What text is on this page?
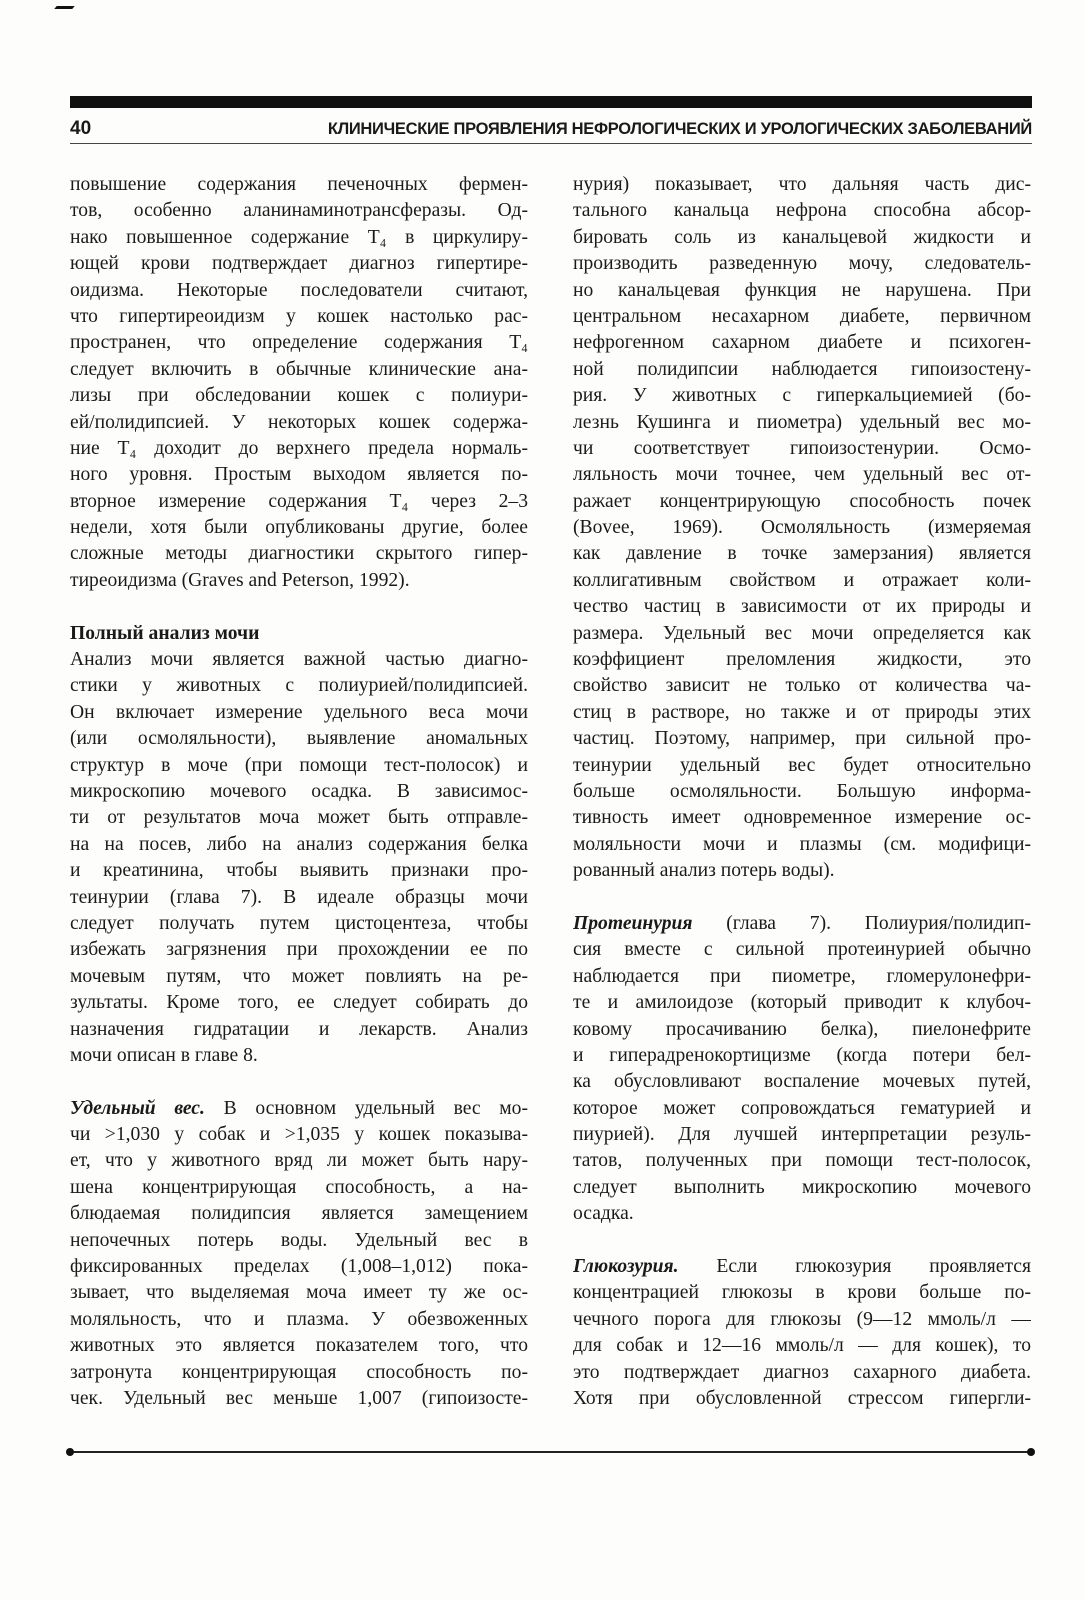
40	КЛИНИЧЕСКИЕ ПРОЯВЛЕНИЯ НЕФРОЛОГИЧЕСКИХ И УРОЛОГИЧЕСКИХ ЗАБОЛЕВАНИЙ
повышение содержания печеночных фермен-
тов, особенно аланинаминотрансферазы. Од-
нако повышенное содержание T₄ в циркулиру-
ющей крови подтверждает диагноз гипертире-
оидизма. Некоторые последователи считают,
что гипертиреоидизм у кошек настолько рас-
пространен, что определение содержания T₄
следует включить в обычные клинические ана-
лизы при обследовании кошек с полиури-
ей/полидипсией. У некоторых кошек содержа-
ние T₄ доходит до верхнего предела нормаль-
ного уровня. Простым выходом является по-
вторное измерение содержания T₄ через 2–3
недели, хотя были опубликованы другие, более
сложные методы диагностики скрытого гипер-
тиреоидизма (Graves and Peterson, 1992).
Полный анализ мочи
Анализ мочи является важной частью диагно-
стики у животных с полиурией/полидипсией.
Он включает измерение удельного веса мочи
(или осмоляльности), выявление аномальных
структур в моче (при помощи тест-полосок) и
микроскопию мочевого осадка. В зависимос-
ти от результатов моча может быть отправле-
на на посев, либо на анализ содержания белка
и креатинина, чтобы выявить признаки про-
теинурии (глава 7). В идеале образцы мочи
следует получать путем цистоцентеза, чтобы
избежать загрязнения при прохождении ее по
мочевым путям, что может повлиять на ре-
зультаты. Кроме того, ее следует собирать до
назначения гидратации и лекарств. Анализ
мочи описан в главе 8.
Удельный вес. В основном удельный вес мо-
чи >1,030 у собак и >1,035 у кошек показыва-
ет, что у животного вряд ли может быть нару-
шена концентрирующая способность, а на-
блюдаемая полидипсия является замещением
непочечных потерь воды. Удельный вес в
фиксированных пределах (1,008–1,012) пока-
зывает, что выделяемая моча имеет ту же ос-
моляльность, что и плазма. У обезвоженных
животных это является показателем того, что
затронута концентрирующая способность по-
чек. Удельный вес меньше 1,007 (гипоизосте-
нурия) показывает, что дальняя часть дис-
тального канальца нефрона способна абсор-
бировать соль из канальцевой жидкости и
производить разведенную мочу, следователь-
но канальцевая функция не нарушена. При
центральном несахарном диабете, первичном
нефрогенном сахарном диабете и психоген-
ной полидипсии наблюдается гипоизостену-
рия. У животных с гиперкальциемией (бо-
лезнь Кушинга и пиометра) удельный вес мо-
чи соответствует гипоизостенурии. Осмо-
ляльность мочи точнее, чем удельный вес от-
ражает концентрирующую способность почек
(Bovee, 1969). Осмоляльность (измеряемая
как давление в точке замерзания) является
коллигативным свойством и отражает коли-
чество частиц в зависимости от их природы и
размера. Удельный вес мочи определяется как
коэффициент преломления жидкости, это
свойство зависит не только от количества ча-
стиц в растворе, но также и от природы этих
частиц. Поэтому, например, при сильной про-
теинурии удельный вес будет относительно
больше осмоляльности. Большую информа-
тивность имеет одновременное измерение ос-
моляльности мочи и плазмы (см. модифици-
рованный анализ потерь воды).
Протеинурия (глава 7). Полиурия/полидип-
сия вместе с сильной протеинурией обычно
наблюдается при пиометре, гломерулонефри-
те и амилоидозе (который приводит к клубоч-
ковому просачиванию белка), пиелонефрите
и гиперадренокортицизме (когда потери бел-
ка обусловливают воспаление мочевых путей,
которое может сопровождаться гематурией и
пиурией). Для лучшей интерпретации резуль-
татов, полученных при помощи тест-полосок,
следует выполнить микроскопию мочевого
осадка.
Глюкозурия. Если глюкозурия проявляется
концентрацией глюкозы в крови больше по-
чечного порога для глюкозы (9—12 ммоль/л —
для собак и 12—16 ммоль/л — для кошек), то
это подтверждает диагноз сахарного диабета.
Хотя при обусловленной стрессом гипергли-
